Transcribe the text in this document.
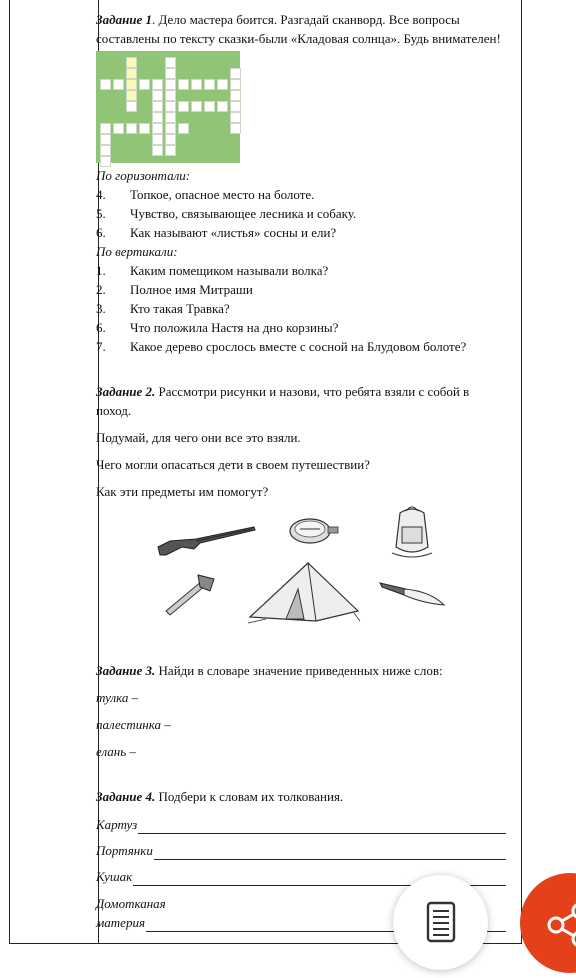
Задание 1. Дело мастера боится. Разгадай сканворд. Все вопросы составлены по тексту сказки-были «Кладовая солнца». Будь внимателен!

По горизонтали:

4.	Топкое, опасное место на болоте.
5.	Чувство, связывающее лесника и собаку.
6.	Как называют «листья» сосны и ели?

По вертикали:

1.	Каким помещиком называли волка?
2.	Полное имя Митраши
3.	Кто такая Травка?
6.	Что положила Настя на дно корзины?
7.	Какое дерево срослось вместе с сосной на Блудовом болоте?

Задание 2. Рассмотри рисунки и назови, что ребята взяли с собой в поход.

Подумай, для чего они все это взяли.

Чего могли опасаться дети в своем путешествии?

Как эти предметы им помогут?

Задание 3. Найди в словаре значение приведенных ниже слов:

тулка –

палестинка –

елань –

Задание 4. Подбери к словам их толкования.

Картуз
Портянки
Кушак

Домотканая

материя
